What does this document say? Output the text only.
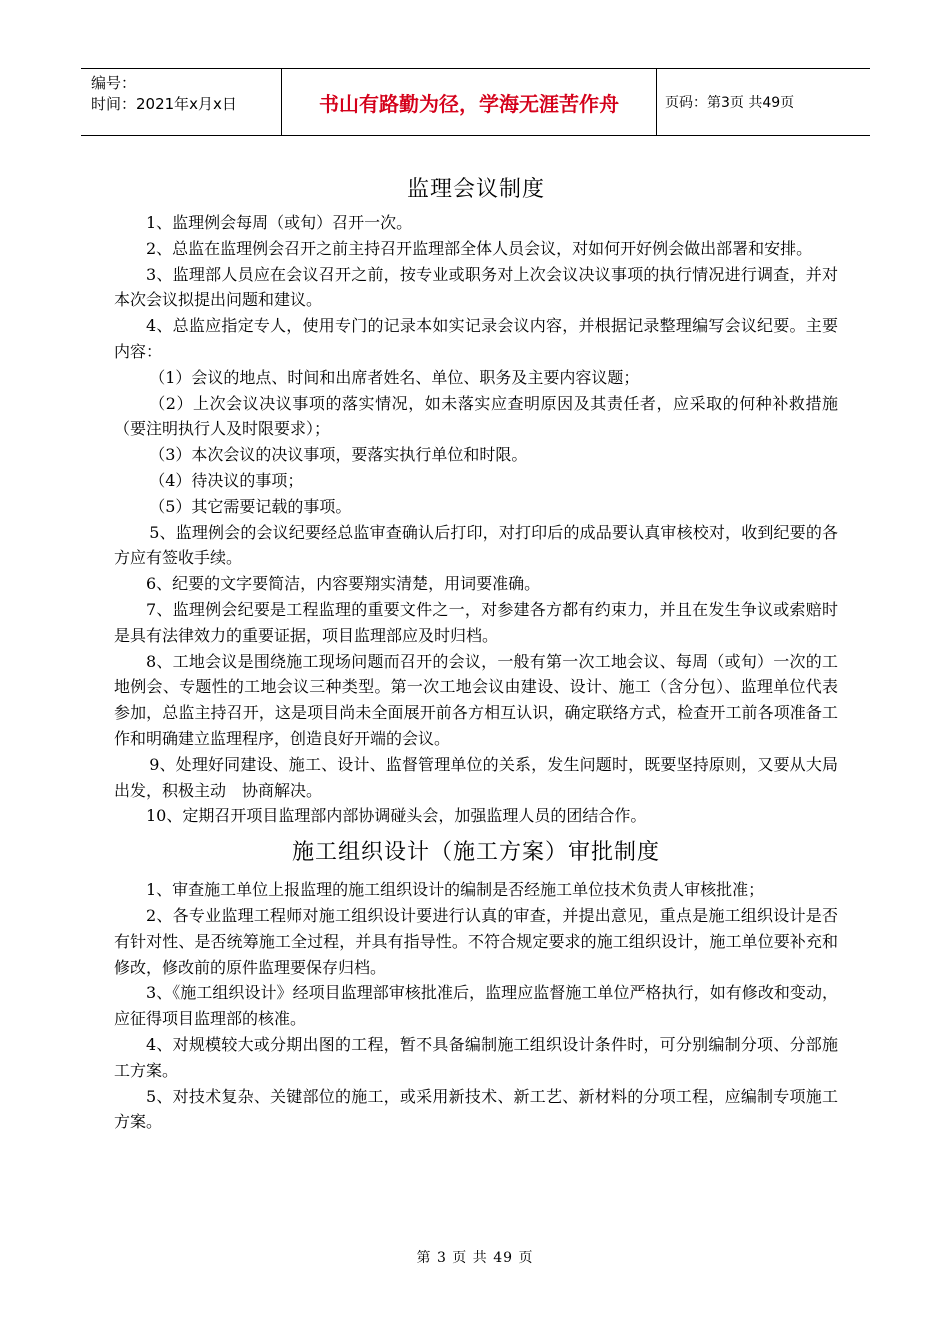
编号：
时间：2021年x月x日	书山有路勤为径，学海无涯苦作舟	页码：第3页 共49页
监理会议制度

1、监理例会每周（或旬）召开一次。

2、总监在监理例会召开之前主持召开监理部全体人员会议，对如何开好例会做出部署和安排。

3、监理部人员应在会议召开之前，按专业或职务对上次会议决议事项的执行情况进行调查，并对本次会议拟提出问题和建议。

4、总监应指定专人，使用专门的记录本如实记录会议内容，并根据记录整理编写会议纪要。主要内容：

（1）会议的地点、时间和出席者姓名、单位、职务及主要内容议题；

（2）上次会议决议事项的落实情况，如未落实应查明原因及其责任者，应采取的何种补救措施（要注明执行人及时限要求）；

（3）本次会议的决议事项，要落实执行单位和时限。

（4）待决议的事项；

（5）其它需要记载的事项。

5、监理例会的会议纪要经总监审查确认后打印，对打印后的成品要认真审核校对，收到纪要的各方应有签收手续。

6、纪要的文字要简洁，内容要翔实清楚，用词要准确。

7、监理例会纪要是工程监理的重要文件之一，对参建各方都有约束力，并且在发生争议或索赔时是具有法律效力的重要证据，项目监理部应及时归档。

8、工地会议是围绕施工现场问题而召开的会议，一般有第一次工地会议、每周（或旬）一次的工地例会、专题性的工地会议三种类型。第一次工地会议由建设、设计、施工（含分包）、监理单位代表参加，总监主持召开，这是项目尚未全面展开前各方相互认识，确定联络方式，检查开工前各项准备工作和明确建立监理程序，创造良好开端的会议。

9、处理好同建设、施工、设计、监督管理单位的关系，发生问题时，既要坚持原则，又要从大局出发，积极主动　协商解决。

10、定期召开项目监理部内部协调碰头会，加强监理人员的团结合作。

施工组织设计（施工方案）审批制度

1、审查施工单位上报监理的施工组织设计的编制是否经施工单位技术负责人审核批准；

2、各专业监理工程师对施工组织设计要进行认真的审查，并提出意见，重点是施工组织设计是否有针对性、是否统筹施工全过程，并具有指导性。不符合规定要求的施工组织设计，施工单位要补充和修改，修改前的原件监理要保存归档。

3、《施工组织设计》经项目监理部审核批准后，监理应监督施工单位严格执行，如有修改和变动，应征得项目监理部的核准。

4、对规模较大或分期出图的工程，暂不具备编制施工组织设计条件时，可分别编制分项、分部施工方案。

5、对技术复杂、关键部位的施工，或采用新技术、新工艺、新材料的分项工程，应编制专项施工方案。

第 3 页 共 49 页
